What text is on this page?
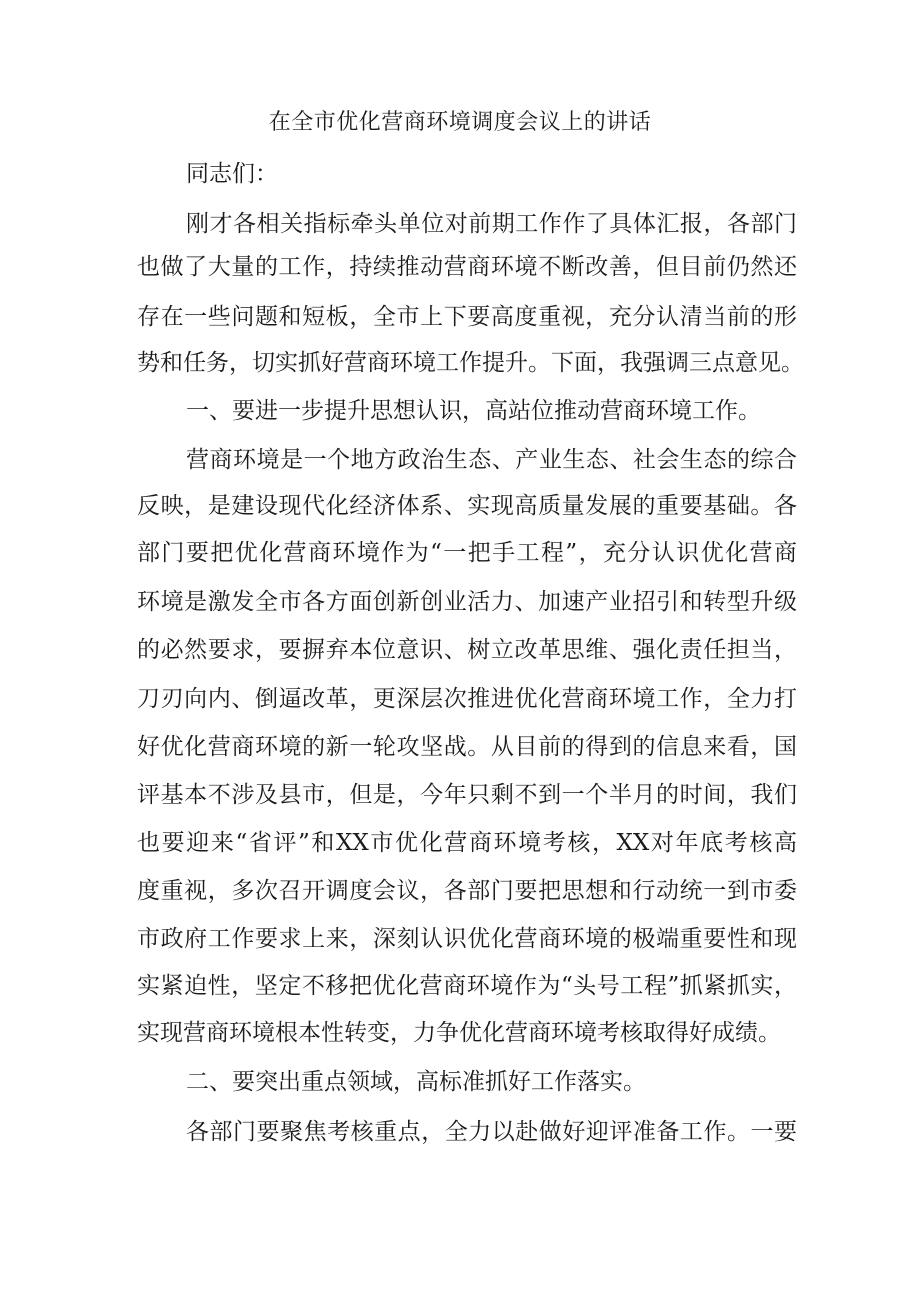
在全市优化营商环境调度会议上的讲话
同志们：
刚才各相关指标牵头单位对前期工作作了具体汇报，各部门
也做了大量的工作，持续推动营商环境不断改善，但目前仍然还
存在一些问题和短板，全市上下要高度重视，充分认清当前的形
势和任务，切实抓好营商环境工作提升。下面，我强调三点意见。
一、要进一步提升思想认识，高站位推动营商环境工作。
营商环境是一个地方政治生态、产业生态、社会生态的综合
反映，是建设现代化经济体系、实现高质量发展的重要基础。各
部门要把优化营商环境作为“一把手工程”，充分认识优化营商
环境是激发全市各方面创新创业活力、加速产业招引和转型升级
的必然要求，要摒弃本位意识、树立改革思维、强化责任担当，
刀刃向内、倒逼改革，更深层次推进优化营商环境工作，全力打
好优化营商环境的新一轮攻坚战。从目前的得到的信息来看，国
评基本不涉及县市，但是，今年只剩不到一个半月的时间，我们
也要迎来“省评”和XX市优化营商环境考核，XX对年底考核高
度重视，多次召开调度会议，各部门要把思想和行动统一到市委
市政府工作要求上来，深刻认识优化营商环境的极端重要性和现
实紧迫性，坚定不移把优化营商环境作为“头号工程”抓紧抓实，
实现营商环境根本性转变，力争优化营商环境考核取得好成绩。
二、要突出重点领域，高标准抓好工作落实。
各部门要聚焦考核重点，全力以赴做好迎评准备工作。一要
